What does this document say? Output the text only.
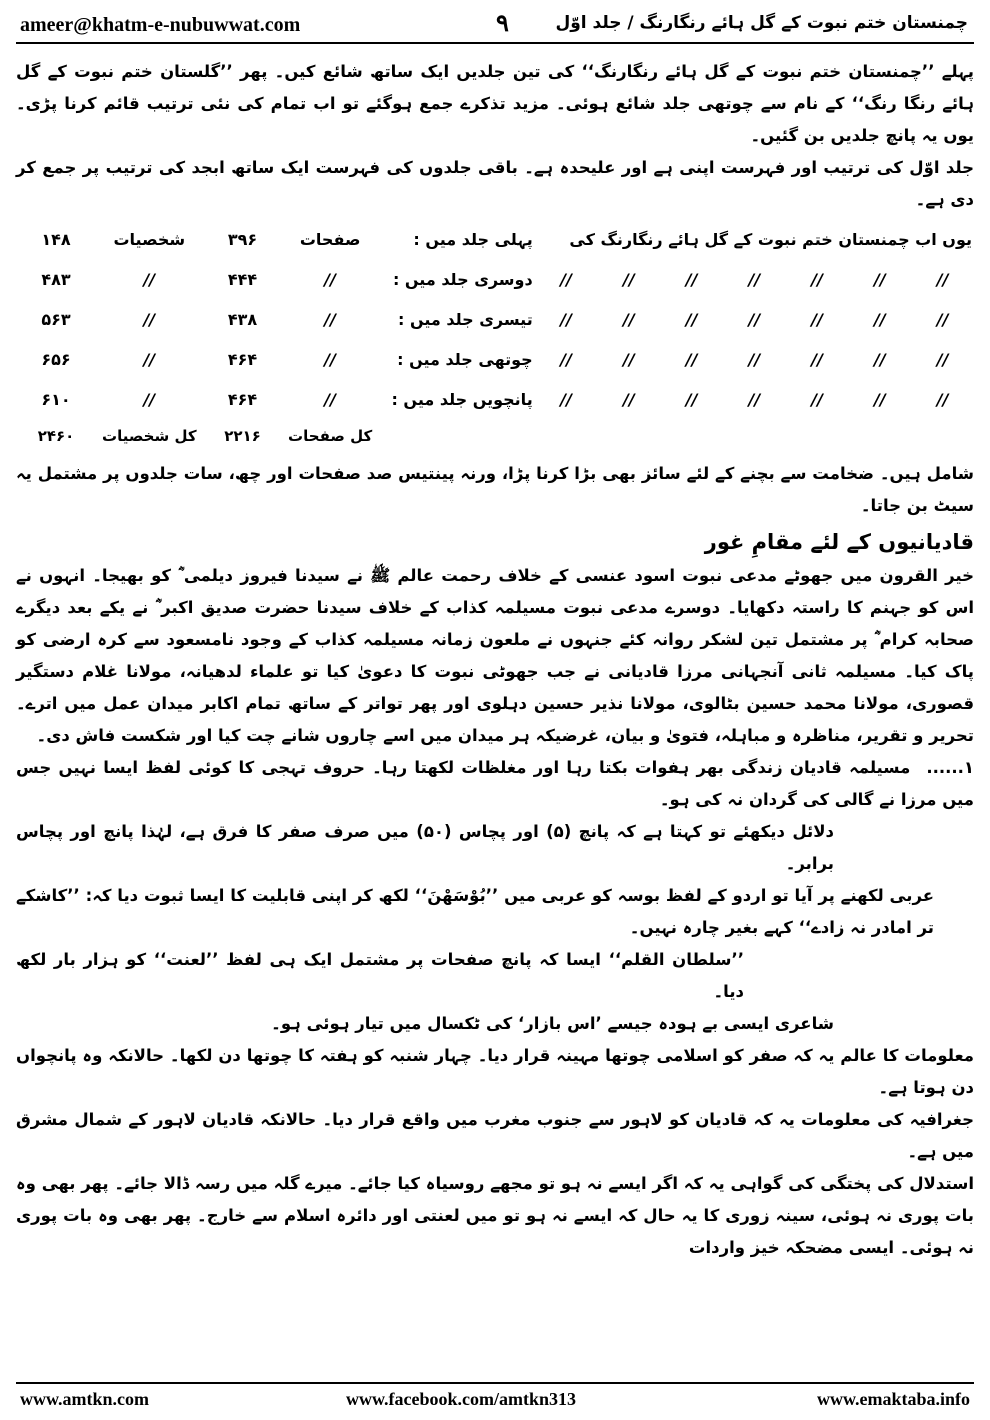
ameer@khatm-e-nubuwwat.com	۹	چمنستان ختم نبوت کے گل ہائے رنگارنگ / جلد اوّل

پہلے ’’چمنستان ختم نبوت کے گل ہائے رنگارنگ‘‘ کی تین جلدیں ایک ساتھ شائع کیں۔ پھر ’’گلستان ختم نبوت کے گل ہائے رنگا رنگ‘‘ کے نام سے چوتھی جلد شائع ہوئی۔ مزید تذکرے جمع ہوگئے تو اب تمام کی نئی ترتیب قائم کرنا پڑی۔ یوں یہ پانچ جلدیں بن گئیں۔

جلد اوّل کی ترتیب اور فہرست اپنی ہے اور علیحدہ ہے۔ باقی جلدوں کی فہرست ایک ساتھ ابجد کی ترتیب پر جمع کر دی ہے۔

یوں اب چمنستان ختم نبوت کے گل ہائے رنگارنگ کی							پہلی جلد میں :	صفحات	۳۹۶	شخصیات	۱۴۸
//	//	//	//	//	//	//	دوسری جلد میں :	//	۴۴۴	//	۴۸۳
//	//	//	//	//	//	//	تیسری جلد میں :	//	۴۳۸	//	۵۶۳
//	//	//	//	//	//	//	چوتھی جلد میں :	//	۴۶۴	//	۶۵۶
//	//	//	//	//	//	//	پانچویں جلد میں :	//	۴۶۴	//	۶۱۰
								کل صفحات	۲۲۱۶	کل شخصیات	۲۴۶۰

شامل ہیں۔ ضخامت سے بچنے کے لئے سائز بھی بڑا کرنا پڑا، ورنہ پینتیس صد صفحات اور چھ، سات جلدوں پر مشتمل یہ سیٹ بن جاتا۔

قادیانیوں کے لئے مقامِ غور

خیر القرون میں جھوٹے مدعی نبوت اسود عنسی کے خلاف رحمت عالم ﷺ نے سیدنا فیروز دیلمی ؓ کو بھیجا۔ انہوں نے اس کو جہنم کا راستہ دکھایا۔ دوسرے مدعی نبوت مسیلمہ کذاب کے خلاف سیدنا حضرت صدیق اکبر ؓ نے یکے بعد دیگرے صحابہ کرام ؓ پر مشتمل تین لشکر روانہ کئے جنہوں نے ملعون زمانہ مسیلمہ کذاب کے وجود نامسعود سے کرہ ارضی کو پاک کیا۔ مسیلمہ ثانی آنجہانی مرزا قادیانی نے جب جھوٹی نبوت کا دعویٰ کیا تو علماء لدھیانہ، مولانا غلام دستگیر قصوری، مولانا محمد حسین بٹالوی، مولانا نذیر حسین دہلوی اور پھر تواتر کے ساتھ تمام اکابر میدان عمل میں اترے۔ تحریر و تقریر، مناظرہ و مباہلہ، فتویٰ و بیان، غرضیکہ ہر میدان میں اسے چاروں شانے چت کیا اور شکست فاش دی۔

۱......مسیلمہ قادیان زندگی بھر ہفوات بکتا رہا اور مغلظات لکھتا رہا۔ حروف تہجی کا کوئی لفظ ایسا نہیں جس میں مرزا نے گالی کی گردان نہ کی ہو۔

دلائل دیکھئے تو کہتا ہے کہ پانچ (۵) اور پچاس (۵۰) میں صرف صفر کا فرق ہے، لہٰذا پانچ اور پچاس برابر۔

عربی لکھنے پر آیا تو اردو کے لفظ بوسہ کو عربی میں ’’بُوْسَھْنَ‘‘ لکھ کر اپنی قابلیت کا ایسا ثبوت دیا کہ: ’’کاشکے تر امادر نہ زادے‘‘ کہے بغیر چارہ نہیں۔

’’سلطان القلم‘‘ ایسا کہ پانچ صفحات پر مشتمل ایک ہی لفظ ’’لعنت‘‘ کو ہزار بار لکھ دیا۔

شاعری ایسی بے ہودہ جیسے ’اس بازار‘ کی ٹکسال میں تیار ہوئی ہو۔

معلومات کا عالم یہ کہ صفر کو اسلامی چوتھا مہینہ قرار دیا۔ چہار شنبہ کو ہفتہ کا چوتھا دن لکھا۔ حالانکہ وہ پانچواں دن ہوتا ہے۔

جغرافیہ کی معلومات یہ کہ قادیان کو لاہور سے جنوب مغرب میں واقع قرار دیا۔ حالانکہ قادیان لاہور کے شمال مشرق میں ہے۔

استدلال کی پختگی کی گواہی یہ کہ اگر ایسے نہ ہو تو مجھے روسیاہ کیا جائے۔ میرے گلہ میں رسہ ڈالا جائے۔ پھر بھی وہ بات پوری نہ ہوئی، سینہ زوری کا یہ حال کہ ایسے نہ ہو تو میں لعنتی اور دائرہ اسلام سے خارج۔ پھر بھی وہ بات پوری نہ ہوئی۔ ایسی مضحکہ خیز واردات

www.amtkn.com	www.facebook.com/amtkn313	www.emaktaba.info
